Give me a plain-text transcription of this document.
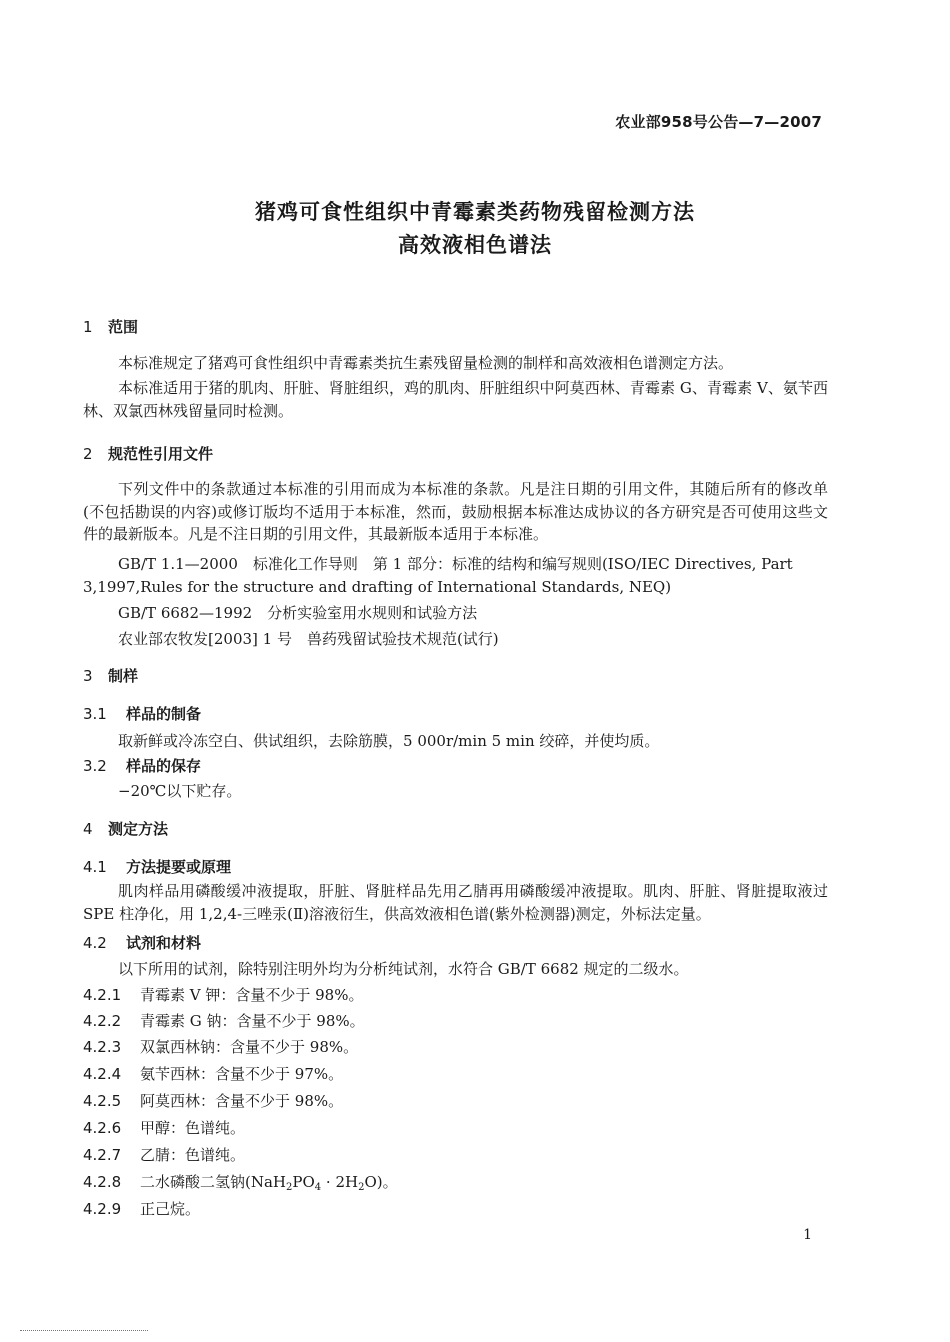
农业部958号公告—7—2007
猪鸡可食性组织中青霉素类药物残留检测方法
高效液相色谱法
1 范围
本标准规定了猪鸡可食性组织中青霉素类抗生素残留量检测的制样和高效液相色谱测定方法。
本标准适用于猪的肌肉、肝脏、肾脏组织，鸡的肌肉、肝脏组织中阿莫西林、青霉素 G、青霉素 V、氨苄西林、双氯西林残留量同时检测。
2 规范性引用文件
下列文件中的条款通过本标准的引用而成为本标准的条款。凡是注日期的引用文件，其随后所有的修改单(不包括勘误的内容)或修订版均不适用于本标准，然而，鼓励根据本标准达成协议的各方研究是否可使用这些文件的最新版本。凡是不注日期的引用文件，其最新版本适用于本标准。
GB/T 1.1—2000　标准化工作导则　第 1 部分：标准的结构和编写规则(ISO/IEC Directives, Part 3,1997,Rules for the structure and drafting of International Standards, NEQ)
GB/T 6682—1992　分析实验室用水规则和试验方法
农业部农牧发[2003] 1 号　兽药残留试验技术规范(试行)
3 制样
3.1 样品的制备
取新鲜或冷冻空白、供试组织，去除筋膜，5 000r/min 5 min 绞碎，并使均质。
3.2 样品的保存
−20℃以下贮存。
4 测定方法
4.1 方法提要或原理
肌肉样品用磷酸缓冲液提取，肝脏、肾脏样品先用乙腈再用磷酸缓冲液提取。肌肉、肝脏、肾脏提取液过 SPE 柱净化，用 1,2,4-三唑汞(Ⅱ)溶液衍生，供高效液相色谱(紫外检测器)测定，外标法定量。
4.2 试剂和材料
以下所用的试剂，除特别注明外均为分析纯试剂，水符合 GB/T 6682 规定的二级水。
4.2.1 青霉素 V 钾：含量不少于 98%。
4.2.2 青霉素 G 钠：含量不少于 98%。
4.2.3 双氯西林钠：含量不少于 98%。
4.2.4 氨苄西林：含量不少于 97%。
4.2.5 阿莫西林：含量不少于 98%。
4.2.6 甲醇：色谱纯。
4.2.7 乙腈：色谱纯。
4.2.8 二水磷酸二氢钠$(NaH_2PO_4 \cdot 2H_2O)$。
4.2.9 正己烷。
1
